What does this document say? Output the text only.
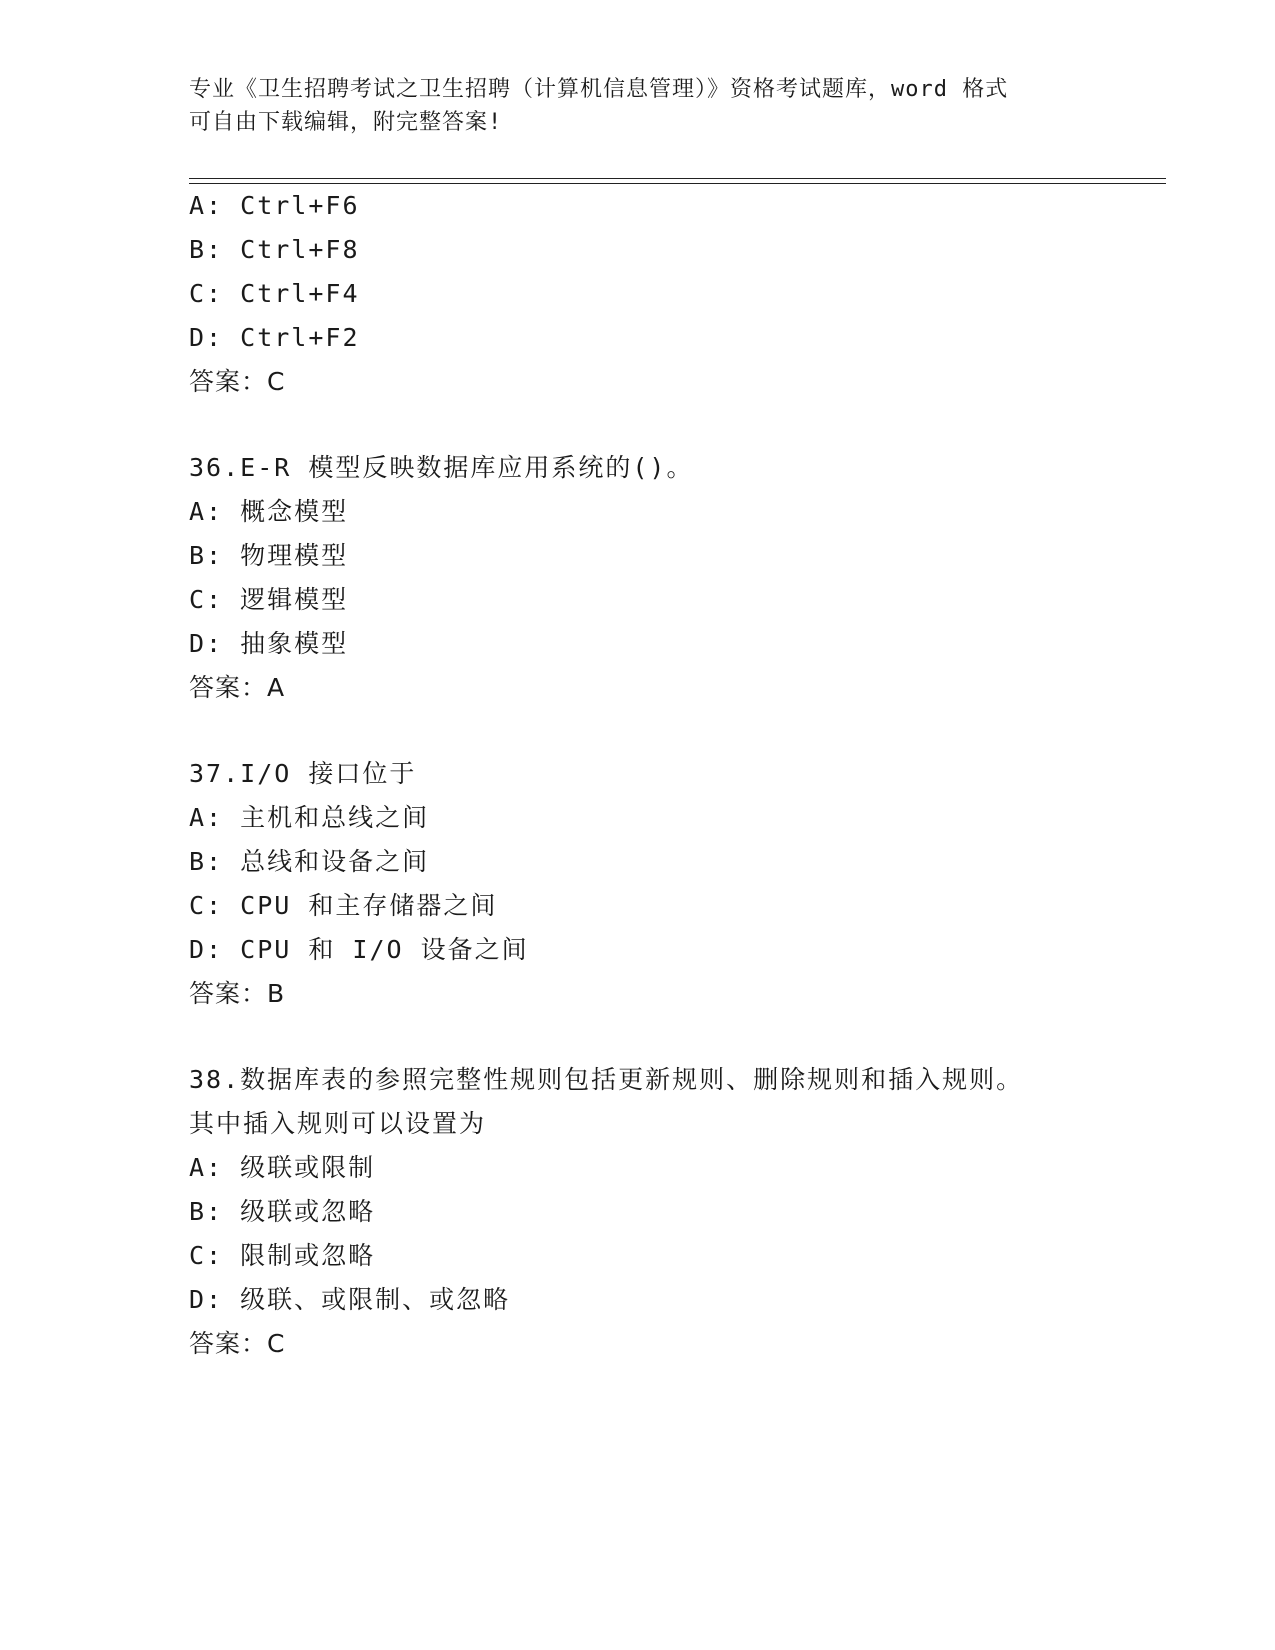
专业《卫生招聘考试之卫生招聘（计算机信息管理）》资格考试题库，word 格式
可自由下载编辑，附完整答案!
A: Ctrl+F6
B: Ctrl+F8
C: Ctrl+F4
D: Ctrl+F2
答案：C
36.E-R 模型反映数据库应用系统的()。
A: 概念模型
B: 物理模型
C: 逻辑模型
D: 抽象模型
答案：A
37.I/O 接口位于
A: 主机和总线之间
B: 总线和设备之间
C: CPU 和主存储器之间
D: CPU 和 I/O 设备之间
答案：B
38.数据库表的参照完整性规则包括更新规则、删除规则和插入规则。
其中插入规则可以设置为
A: 级联或限制
B: 级联或忽略
C: 限制或忽略
D: 级联、或限制、或忽略
答案：C
